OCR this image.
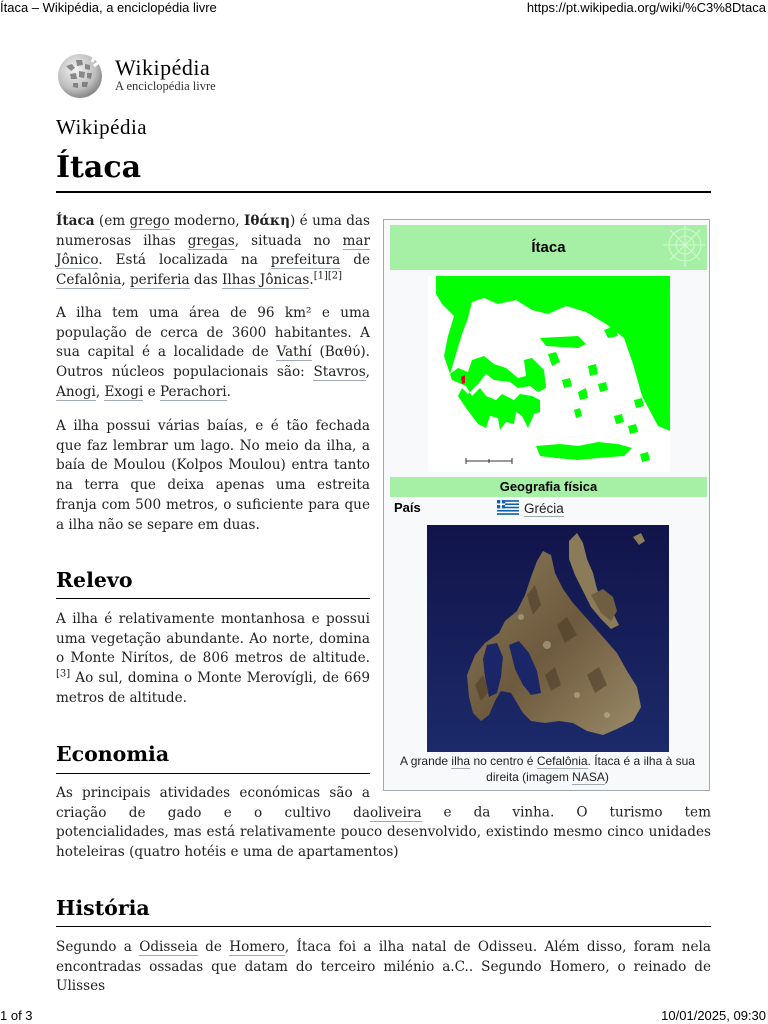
Ítaca – Wikipédia, a enciclopédia livre	https://pt.wikipedia.org/wiki/%C3%8Dtaca
Wikipédia
A enciclopédia livre
Wikipédia
Ítaca

Ítaca (em grego moderno, Ιθάκη) é uma das numerosas ilhas gregas, situada no mar Jônico. Está localizada na prefeitura de Cefalônia, periferia das Ilhas Jônicas.[1][2]

A ilha tem uma área de 96 km² e uma população de cerca de 3600 habitantes. A sua capital é a localidade de Vathí (Βαθύ). Outros núcleos populacionais são: Stavros, Anogi, Exogi e Perachori.

A ilha possui várias baías, e é tão fechada que faz lembrar um lago. No meio da ilha, a baía de Moulou (Kolpos Moulou) entra tanto na terra que deixa apenas uma estreita franja com 500 metros, o suficiente para que a ilha não se separe em duas.

Relevo

A ilha é relativamente montanhosa e possui uma vegetação abundante. Ao norte, domina o Monte Nirítos, de 806 metros de altitude.[3] Ao sul, domina o Monte Merovígli, de 669 metros de altitude.

Economia

As principais atividades económicas são a criação de gado e o cultivo daoliveira e da vinha. O turismo tem potencialidades, mas está relativamente pouco desenvolvido, existindo mesmo cinco unidades hoteleiras (quatro hotéis e uma de apartamentos)

História

Segundo a Odisseia de Homero, Ítaca foi a ilha natal de Odisseu. Além disso, foram nela encontradas ossadas que datam do terceiro milénio a.C.. Segundo Homero, o reinado de Ulisses

Ítaca
Geografia física
País	Grécia
A grande ilha no centro é Cefalônia. Ítaca é a ilha à sua direita (imagem NASA)
1 of 3	10/01/2025, 09:30
